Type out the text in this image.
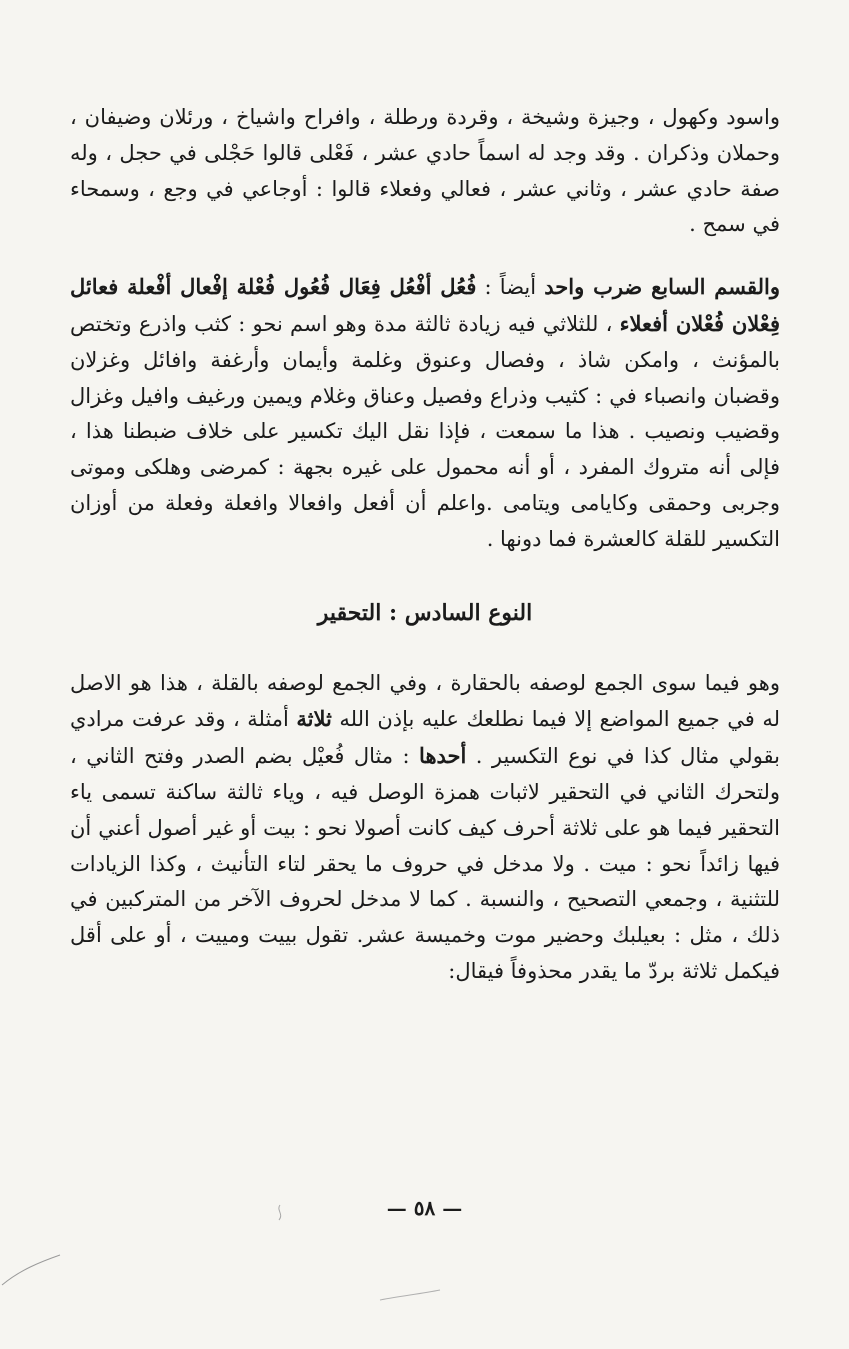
واسود وكهول ، وجيزة وشيخة ، وقردة ورطلة ، وافراح واشياخ ، ورئلان وضيفان ، وحملان وذكران . وقد وجد له اسماً حادي عشر ، فَعْلى قالوا حَجْلى في حجل ، وله صفة حادي عشر ، وثاني عشر ، فعالي وفعلاء قالوا : أوجاعي في وجع ، وسمحاء في سمح .

والقسم السابع ضرب واحد أيضاً : فُعُل أفْعُل فِعَال فُعُول فُعْلة إفْعال أفْعلة فعائل فِعْلان فُعْلان أفعلاء ، للثلاثي فيه زيادة ثالثة مدة وهو اسم نحو : كثب واذرع وتختص بالمؤنث ، وامكن شاذ ، وفصال وعنوق وغلمة وأيمان وأرغفة وافائل وغزلان وقضبان وانصباء في : كثيب وذراع وفصيل وعناق وغلام ويمين ورغيف وافيل وغزال وقضيب ونصيب . هذا ما سمعت ، فإذا نقل اليك تكسير على خلاف ضبطنا هذا ، فإلى أنه متروك المفرد ، أو أنه محمول على غيره بجهة : كمرضى وهلكى وموتى وجربى وحمقى وكايامى ويتامى .واعلم أن أفعل وافعالا وافعلة وفعلة من أوزان التكسير للقلة كالعشرة فما دونها .

النوع السادس : التحقير

وهو فيما سوى الجمع لوصفه بالحقارة ، وفي الجمع لوصفه بالقلة ، هذا هو الاصل له في جميع المواضع إلا فيما نطلعك عليه بإذن الله ثلاثة أمثلة ، وقد عرفت مرادي بقولي مثال كذا في نوع التكسير . أحدها : مثال فُعيْل بضم الصدر وفتح الثاني ، ولتحرك الثاني في التحقير لاثبات همزة الوصل فيه ، وياء ثالثة ساكنة تسمى ياء التحقير فيما هو على ثلاثة أحرف كيف كانت أصولا نحو : بيت أو غير أصول أعني أن فيها زائداً نحو : ميت . ولا مدخل في حروف ما يحقر لتاء التأنيث ، وكذا الزيادات للتثنية ، وجمعي التصحيح ، والنسبة . كما لا مدخل لحروف الآخر من المتركبين في ذلك ، مثل : بعيلبك وحضير موت وخميسة عشر. تقول بييت ومييت ، أو على أقل فيكمل ثلاثة بردّ ما يقدر محذوفاً فيقال:

— ٥٨ —
